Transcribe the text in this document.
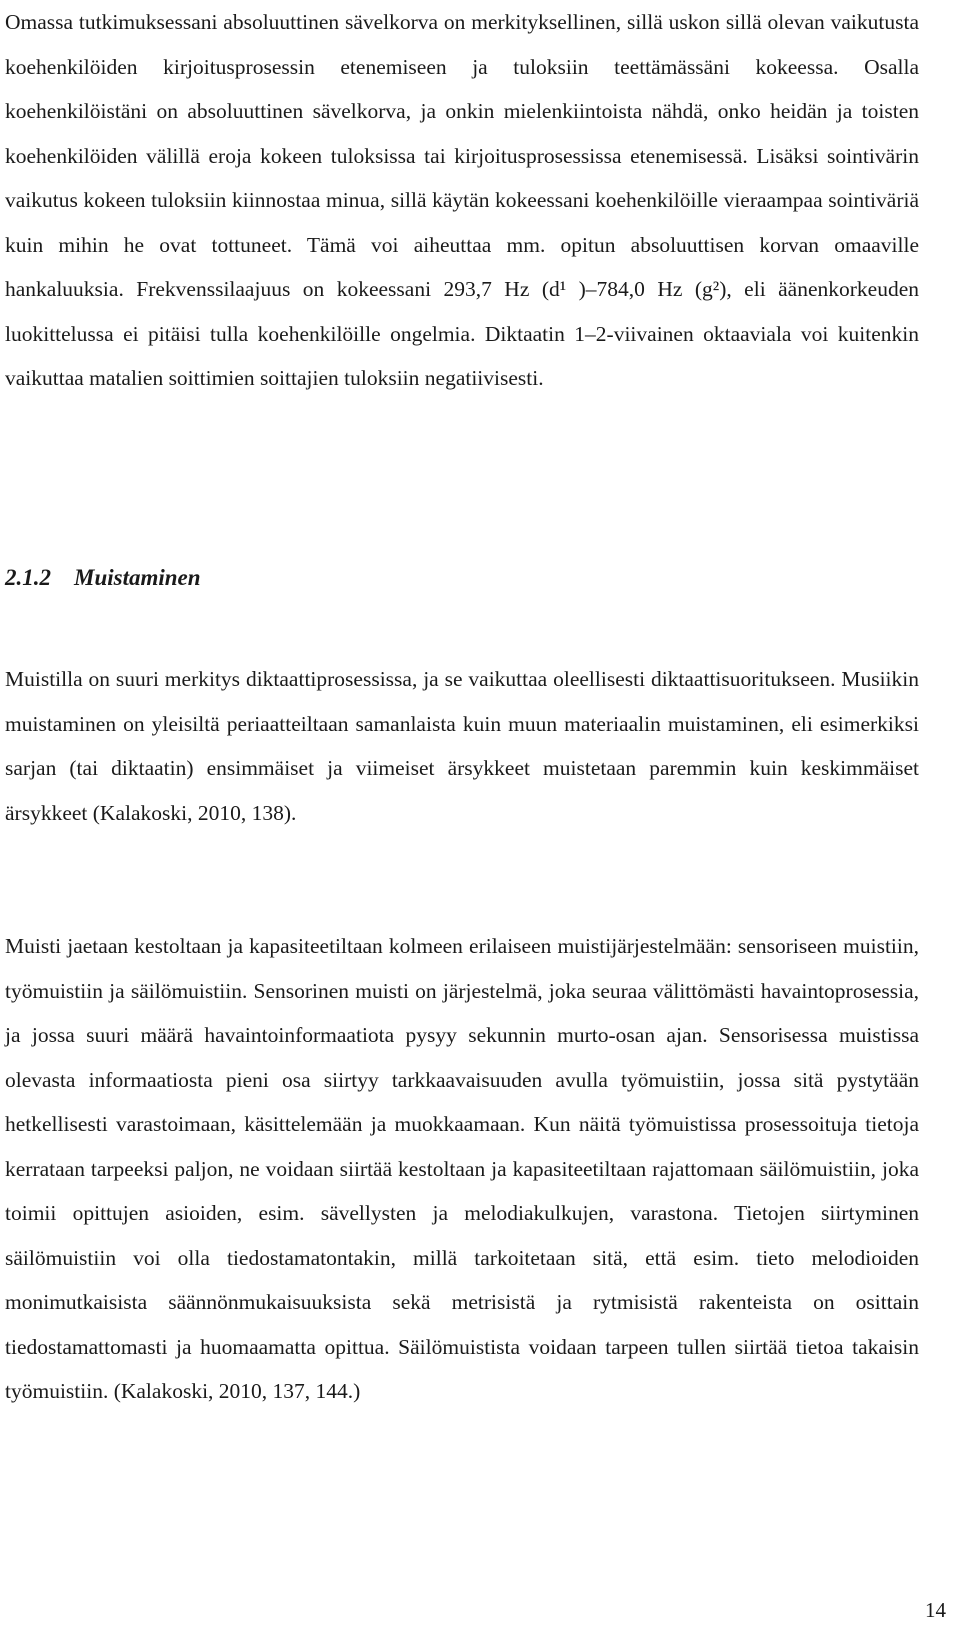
Omassa tutkimuksessani absoluuttinen sävelkorva on merkityksellinen, sillä uskon sillä olevan vaikutusta koehenkilöiden kirjoitusprosessin etenemiseen ja tuloksiin teettämässäni kokeessa. Osalla koehenkilöistäni on absoluuttinen sävelkorva, ja onkin mielenkiintoista nähdä, onko heidän ja toisten koehenkilöiden välillä eroja kokeen tuloksissa tai kirjoitusprosessissa etenemisessä. Lisäksi sointivärin vaikutus kokeen tuloksiin kiinnostaa minua, sillä käytän kokeessani koehenkilöille vieraampaa sointiväriä kuin mihin he ovat tottuneet. Tämä voi aiheuttaa mm. opitun absoluuttisen korvan omaaville hankaluuksia. Frekvenssilaajuus on kokeessani 293,7 Hz (d¹ )–784,0 Hz (g²), eli äänenkorkeuden luokittelussa ei pitäisi tulla koehenkilöille ongelmia. Diktaatin 1–2-viivainen oktaaviala voi kuitenkin vaikuttaa matalien soittimien soittajien tuloksiin negatiivisesti.

2.1.2 Muistaminen

Muistilla on suuri merkitys diktaattiprosessissa, ja se vaikuttaa oleellisesti diktaattisuoritukseen. Musiikin muistaminen on yleisiltä periaatteiltaan samanlaista kuin muun materiaalin muistaminen, eli esimerkiksi sarjan (tai diktaatin) ensimmäiset ja viimeiset ärsykkeet muistetaan paremmin kuin keskimmäiset ärsykkeet (Kalakoski, 2010, 138).

Muisti jaetaan kestoltaan ja kapasiteetiltaan kolmeen erilaiseen muistijärjestelmään: sensoriseen muistiin, työmuistiin ja säilömuistiin. Sensorinen muisti on järjestelmä, joka seuraa välittömästi havaintoprosessia, ja jossa suuri määrä havaintoinformaatiota pysyy sekunnin murto-osan ajan. Sensorisessa muistissa olevasta informaatiosta pieni osa siirtyy tarkkaavaisuuden avulla työmuistiin, jossa sitä pystytään hetkellisesti varastoimaan, käsittelemään ja muokkaamaan. Kun näitä työmuistissa prosessoituja tietoja kerrataan tarpeeksi paljon, ne voidaan siirtää kestoltaan ja kapasiteetiltaan rajattomaan säilömuistiin, joka toimii opittujen asioiden, esim. sävellysten ja melodiakulkujen, varastona. Tietojen siirtyminen säilömuistiin voi olla tiedostamatontakin, millä tarkoitetaan sitä, että esim. tieto melodioiden monimutkaisista säännönmukaisuuksista sekä metrisistä ja rytmisistä rakenteista on osittain tiedostamattomasti ja huomaamatta opittua. Säilömuistista voidaan tarpeen tullen siirtää tietoa takaisin työmuistiin. (Kalakoski, 2010, 137, 144.)

14
